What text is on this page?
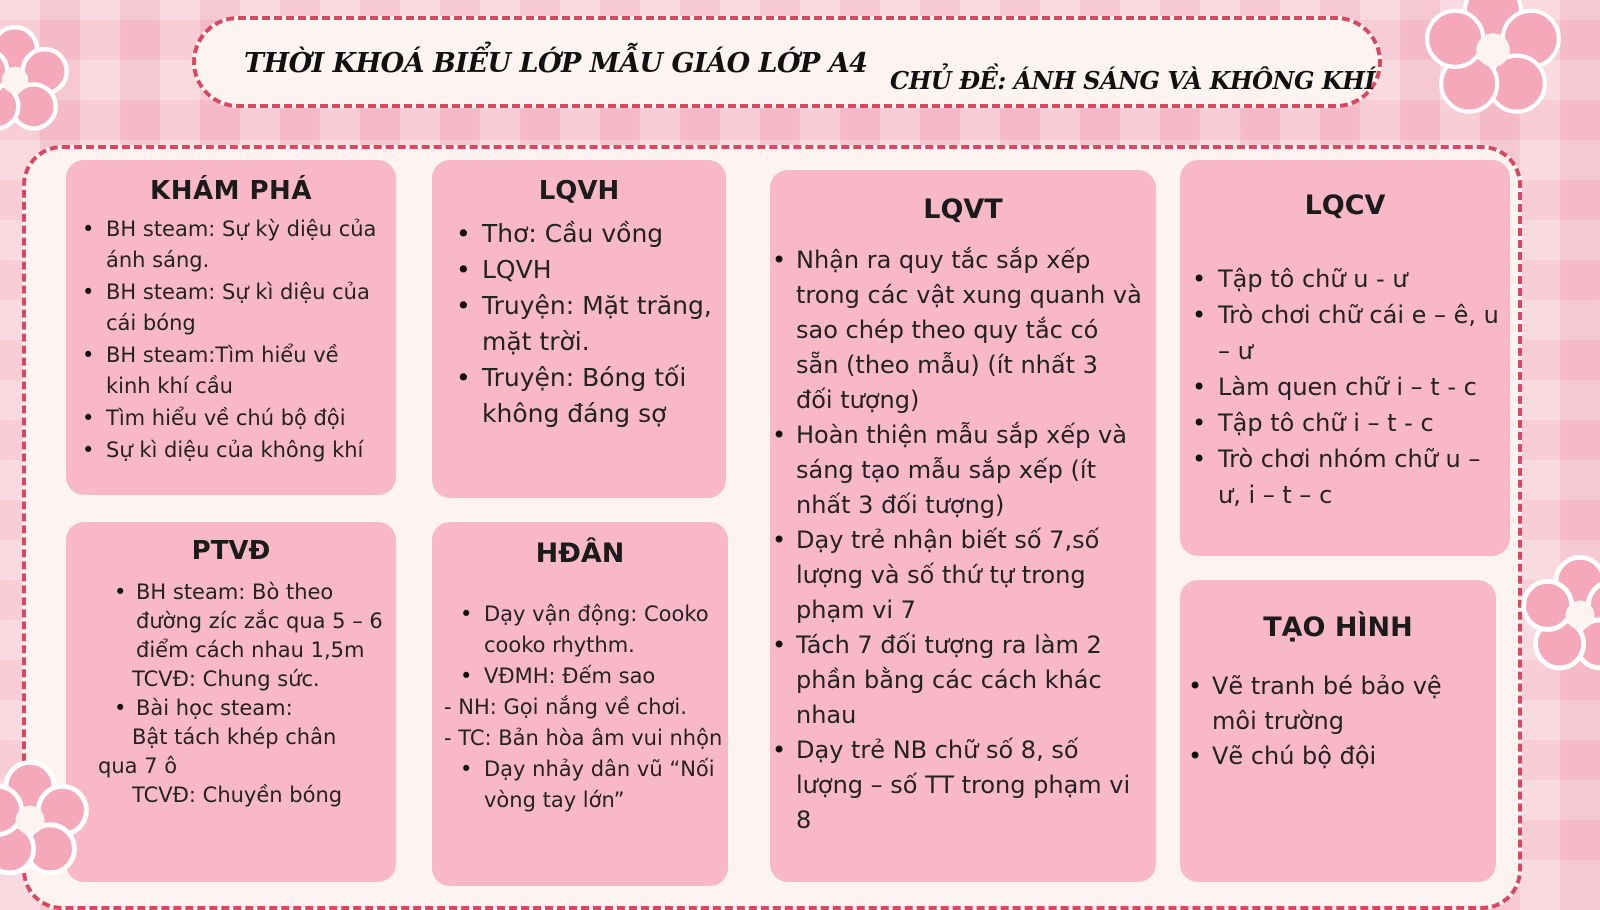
THỜI KHOÁ BIỂU LỚP MẪU GIÁO LỚP A4

CHỦ ĐỀ: ÁNH SÁNG VÀ KHÔNG KHÍ

KHÁM PHÁ
• BH steam: Sự kỳ diệu của ánh sáng.
• BH steam: Sự kì diệu của cái bóng
• BH steam:Tìm hiểu về kinh khí cầu
• Tìm hiểu về chú bộ đội
• Sự kì diệu của không khí
LQVH
• Thơ: Cầu vồng
• LQVH
• Truyện: Mặt trăng, mặt trời.
• Truyện: Bóng tối không đáng sợ
LQVT
• Nhận ra quy tắc sắp xếp trong các vật xung quanh và sao chép theo quy tắc có sẵn (theo mẫu) (ít nhất 3 đối tượng)
• Hoàn thiện mẫu sắp xếp và sáng tạo mẫu sắp xếp (ít nhất 3 đối tượng)
• Dạy trẻ nhận biết số 7,số lượng và số thứ tự trong phạm vi 7
• Tách 7 đối tượng ra làm 2 phần bằng các cách khác nhau
• Dạy trẻ NB chữ số 8, số lượng – số TT trong phạm vi 8
LQCV
• Tập tô chữ u - ư
• Trò chơi chữ cái e – ê, u – ư
• Làm quen chữ i – t - c
• Tập tô chữ i – t - c
• Trò chơi nhóm chữ u – ư, i – t – c
PTVĐ
• BH steam: Bò theo đường zíc zắc qua 5 – 6 điểm cách nhau 1,5m
TCVĐ: Chung sức.
• Bài học steam:
Bật tách khép chân
qua 7 ô
TCVĐ: Chuyền bóng
HĐÂN
• Dạy vận động: Cooko cooko rhythm.
• VĐMH: Đếm sao
- NH: Gọi nắng về chơi.
- TC: Bản hòa âm vui nhộn
• Dạy nhảy dân vũ “Nối vòng tay lớn”
TẠO HÌNH
• Vẽ tranh bé bảo vệ môi trường
• Vẽ chú bộ đội
